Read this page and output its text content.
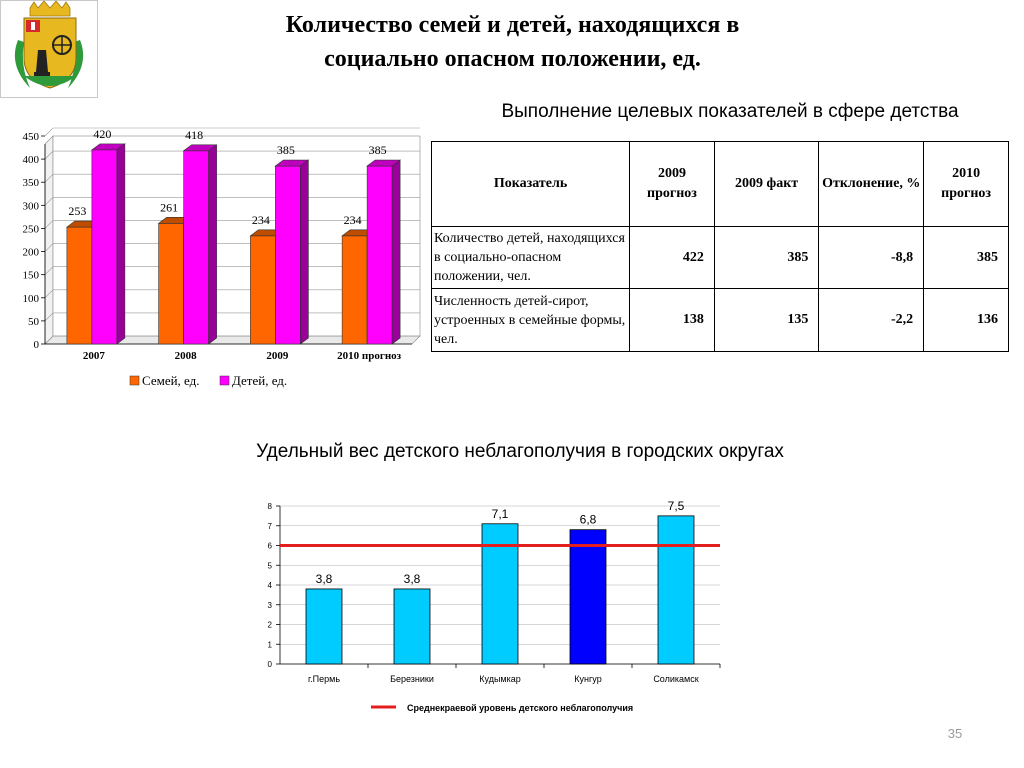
Количество семей и детей, находящихся в
социально опасном положении, ед.
Выполнение целевых показателей в сфере детства
0
50
100
150
200
250
300
350
400
450
2007
253
420
2008
261
418
2009
234
385
2010 прогноз
234
385
Семей, ед. Детей, ед.
Показатель	2009 прогноз	2009 факт	Отклонение, %	2010 прогноз
Количество детей, находящихся в социально-опасном положении, чел.	422	385	-8,8	385
Численность детей-сирот, устроенных в семейные формы, чел.	138	135	-2,2	136
Удельный вес детского неблагополучия в городских округах
0
1
2
3
4
5
6
7
8
3,8
г.Пермь
3,8
Березники
7,1
Кудымкар
6,8
Кунгур
7,5
Соликамск
Среднекраевой уровень детского неблагополучия
35
